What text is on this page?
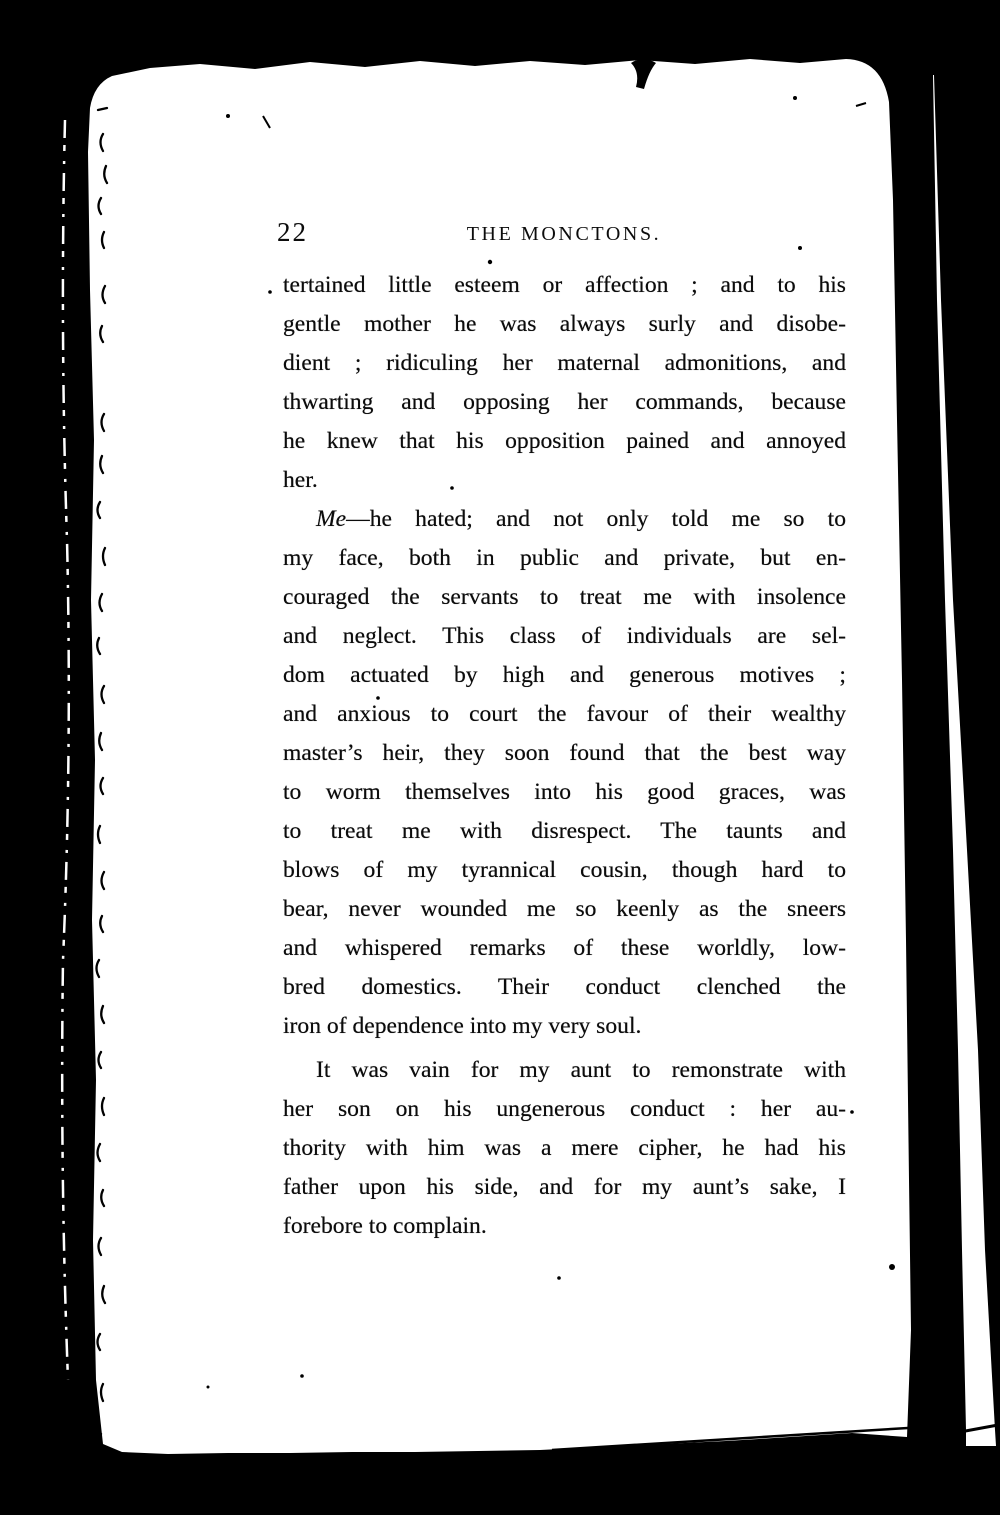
22	THE MONCTONS.
tertained little esteem or affection ; and to his
gentle mother he was always surly and disobe-
dient ; ridiculing her maternal admonitions, and
thwarting and opposing her commands, because
he knew that his opposition pained and annoyed
her.
Me—he hated; and not only told me so to
my face, both in public and private, but en-
couraged the servants to treat me with insolence
and neglect. This class of individuals are sel-
dom actuated by high and generous motives ;
and anxious to court the favour of their wealthy
master’s heir, they soon found that the best way
to worm themselves into his good graces, was
to treat me with disrespect. The taunts and
blows of my tyrannical cousin, though hard to
bear, never wounded me so keenly as the sneers
and whispered remarks of these worldly, low-
bred domestics. Their conduct clenched the
iron of dependence into my very soul.
It was vain for my aunt to remonstrate with
her son on his ungenerous conduct : her au-
thority with him was a mere cipher, he had his
father upon his side, and for my aunt’s sake, I
forebore to complain.
